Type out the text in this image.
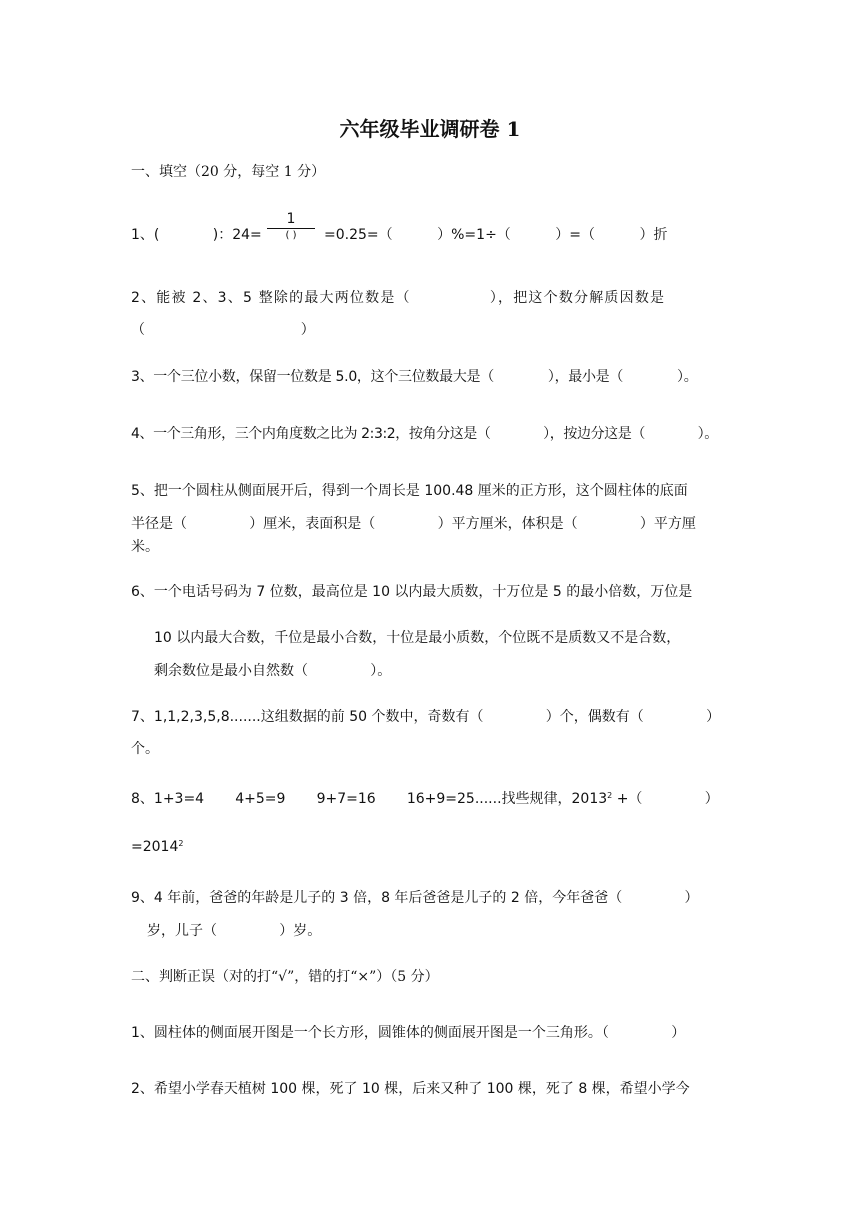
六年级毕业调研卷 1
一、填空（20 分，每空 1 分）
1、(            )：24=
1
( )	=0.25=（          ）%=1÷（          ）=（          ）折
2、能被 2、3、5 整除的最大两位数是（              ），把这个数分解质因数是
（                                   ）
3、一个三位小数，保留一位数是 5.0，这个三位数最大是（             ），最小是（             ）。
4、一个三角形，三个内角度数之比为 2:3:2，按角分这是（             ），按边分这是（             ）。
5、把一个圆柱从侧面展开后，得到一个周长是 100.48 厘米的正方形，这个圆柱体的底面
半径是（              ）厘米，表面积是（              ）平方厘米，体积是（              ）平方厘
米。
6、一个电话号码为 7 位数，最高位是 10 以内最大质数，十万位是 5 的最小倍数，万位是
10 以内最大合数，千位是最小合数，十位是最小质数，个位既不是质数又不是合数，
剩余数位是最小自然数（              ）。
7、1,1,2,3,5,8.......这组数据的前 50 个数中，奇数有（              ）个，偶数有（              ）
个。
8、1+3=4       4+5=9       9+7=16       16+9=25......找些规律，$2013^2$ +（              ）
$=2014^2$
9、4 年前，爸爸的年龄是儿子的 3 倍，8 年后爸爸是儿子的 2 倍，今年爸爸（              ）
岁，儿子（              ）岁。
二、判断正误（对的打“√”，错的打“×”）（5 分）
1、圆柱体的侧面展开图是一个长方形，圆锥体的侧面展开图是一个三角形。（              ）
2、希望小学春天植树 100 棵，死了 10 棵，后来又种了 100 棵，死了 8 棵，希望小学今
